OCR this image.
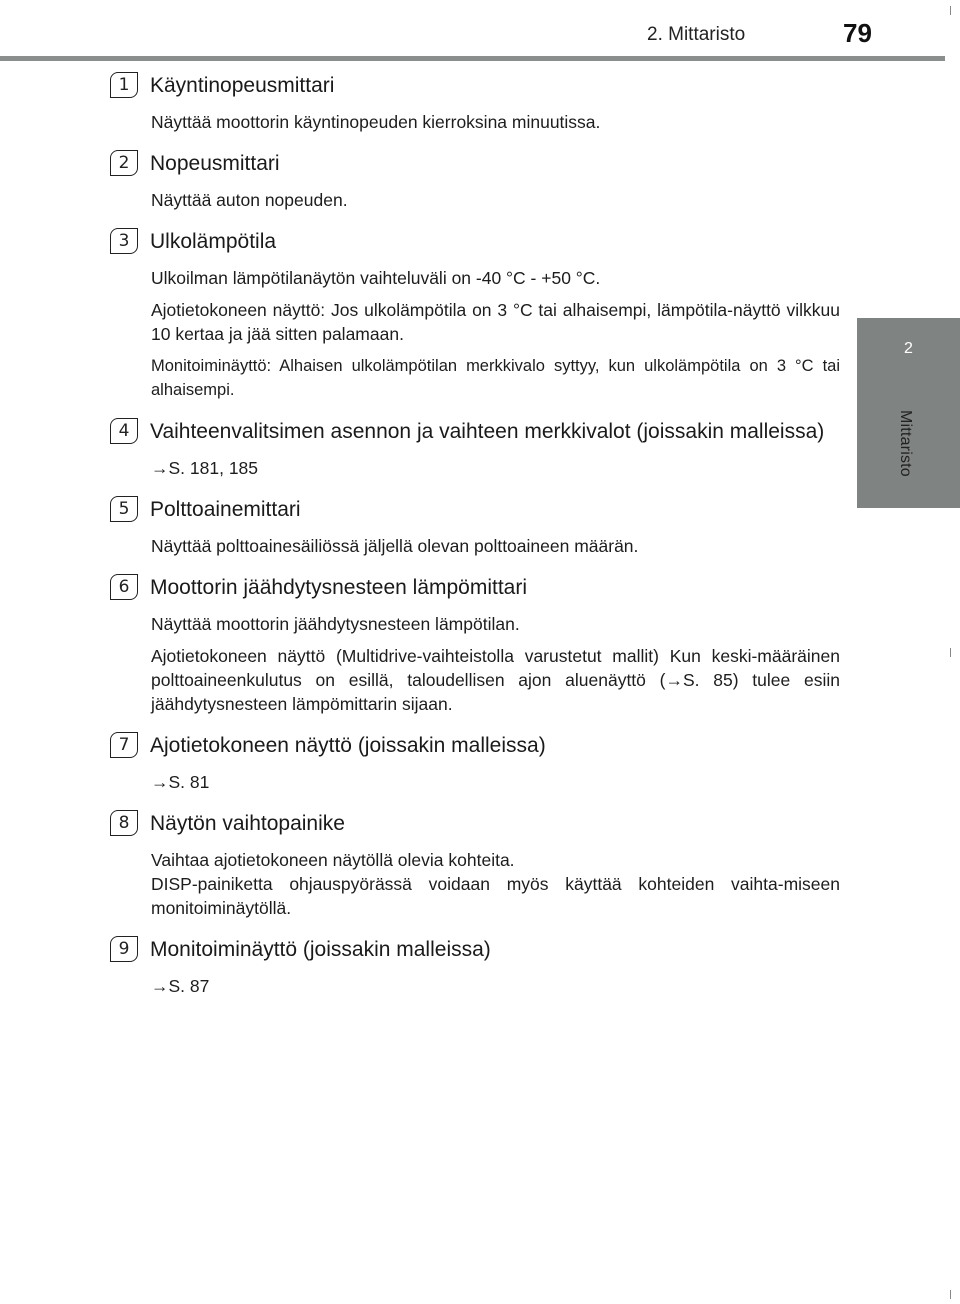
2. Mittaristo	79
2
Mittaristo
1 Käyntinopeusmittari

Näyttää moottorin käyntinopeuden kierroksina minuutissa.

2 Nopeusmittari

Näyttää auton nopeuden.

3 Ulkolämpötila

Ulkoilman lämpötilanäytön vaihteluväli on -40 °C - +50 °C.

Ajotietokoneen näyttö: Jos ulkolämpötila on 3 °C tai alhaisempi, lämpötila-näyttö vilkkuu 10 kertaa ja jää sitten palamaan.

Monitoiminäyttö: Alhaisen ulkolämpötilan merkkivalo syttyy, kun ulkolämpötila on 3 °C tai alhaisempi.

4 Vaihteenvalitsimen asennon ja vaihteen merkkivalot (joissakin malleissa)

→S. 181, 185

5 Polttoainemittari

Näyttää polttoainesäiliössä jäljellä olevan polttoaineen määrän.

6 Moottorin jäähdytysnesteen lämpömittari

Näyttää moottorin jäähdytysnesteen lämpötilan.

Ajotietokoneen näyttö (Multidrive-vaihteistolla varustetut mallit) Kun keski-määräinen polttoaineenkulutus on esillä, taloudellisen ajon aluenäyttö (→S. 85) tulee esiin jäähdytysnesteen lämpömittarin sijaan.

7 Ajotietokoneen näyttö (joissakin malleissa)

→S. 81

8 Näytön vaihtopainike

Vaihtaa ajotietokoneen näytöllä olevia kohteita.
DISP-painiketta ohjauspyörässä voidaan myös käyttää kohteiden vaihta-miseen monitoiminäytöllä.

9 Monitoiminäyttö (joissakin malleissa)

→S. 87
